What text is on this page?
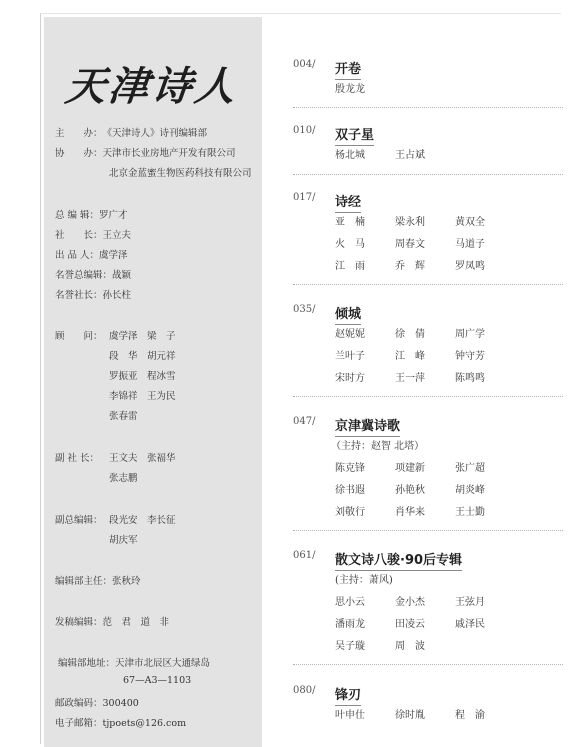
天津诗人
主　　办：《天津诗人》诗刊编辑部
协　　办：天津市长业房地产开发有限公司
北京金蓝蜜生物医药科技有限公司
总 编 辑：罗广才
社　　长：王立夫
出 品 人：虞学泽
名誉总编辑：战颖
名誉社长：孙长柱
顾　　问： 虞学泽　 梁　子
段　华　 胡元祥
罗振亚　 程冰雪
李锦祥　 王为民
张春雷
副 社 长： 王文夫　 张福华
张志鹏
副总编辑： 段光安　 李长征
胡庆军
编辑部主任：张秋玲
发稿编辑：范　君　道　非
编辑部地址：天津市北辰区大通绿岛
67—A3—1103
邮政编码：300400
电子邮箱：tjpoets@126.com
004/ 开卷
殷龙龙
010/ 双子星
杨北城	王占斌
017/ 诗经
亚　楠	梁永利	黄双全
火　马	周春文	马道子
江　雨	乔　辉	罗凤鸣
035/ 倾城
赵妮妮	徐　倩	周广学
兰叶子	江　峰	钟守芳
宋时方	王一萍	陈鸣鸣
047/ 京津冀诗歌
（主持：赵智 北塔）
陈克锋	项建新	张广超
徐书遐	孙艳秋	胡炎峰
刘敬行	肖华来	王士勤
061/ 散文诗八骏·90后专辑
(主持：萧风)
思小云	金小杰	王弦月
潘雨龙	田凌云	戚泽民
吴子璇	周　波
080/ 锋刃
叶申仕	徐时胤	程　渝
